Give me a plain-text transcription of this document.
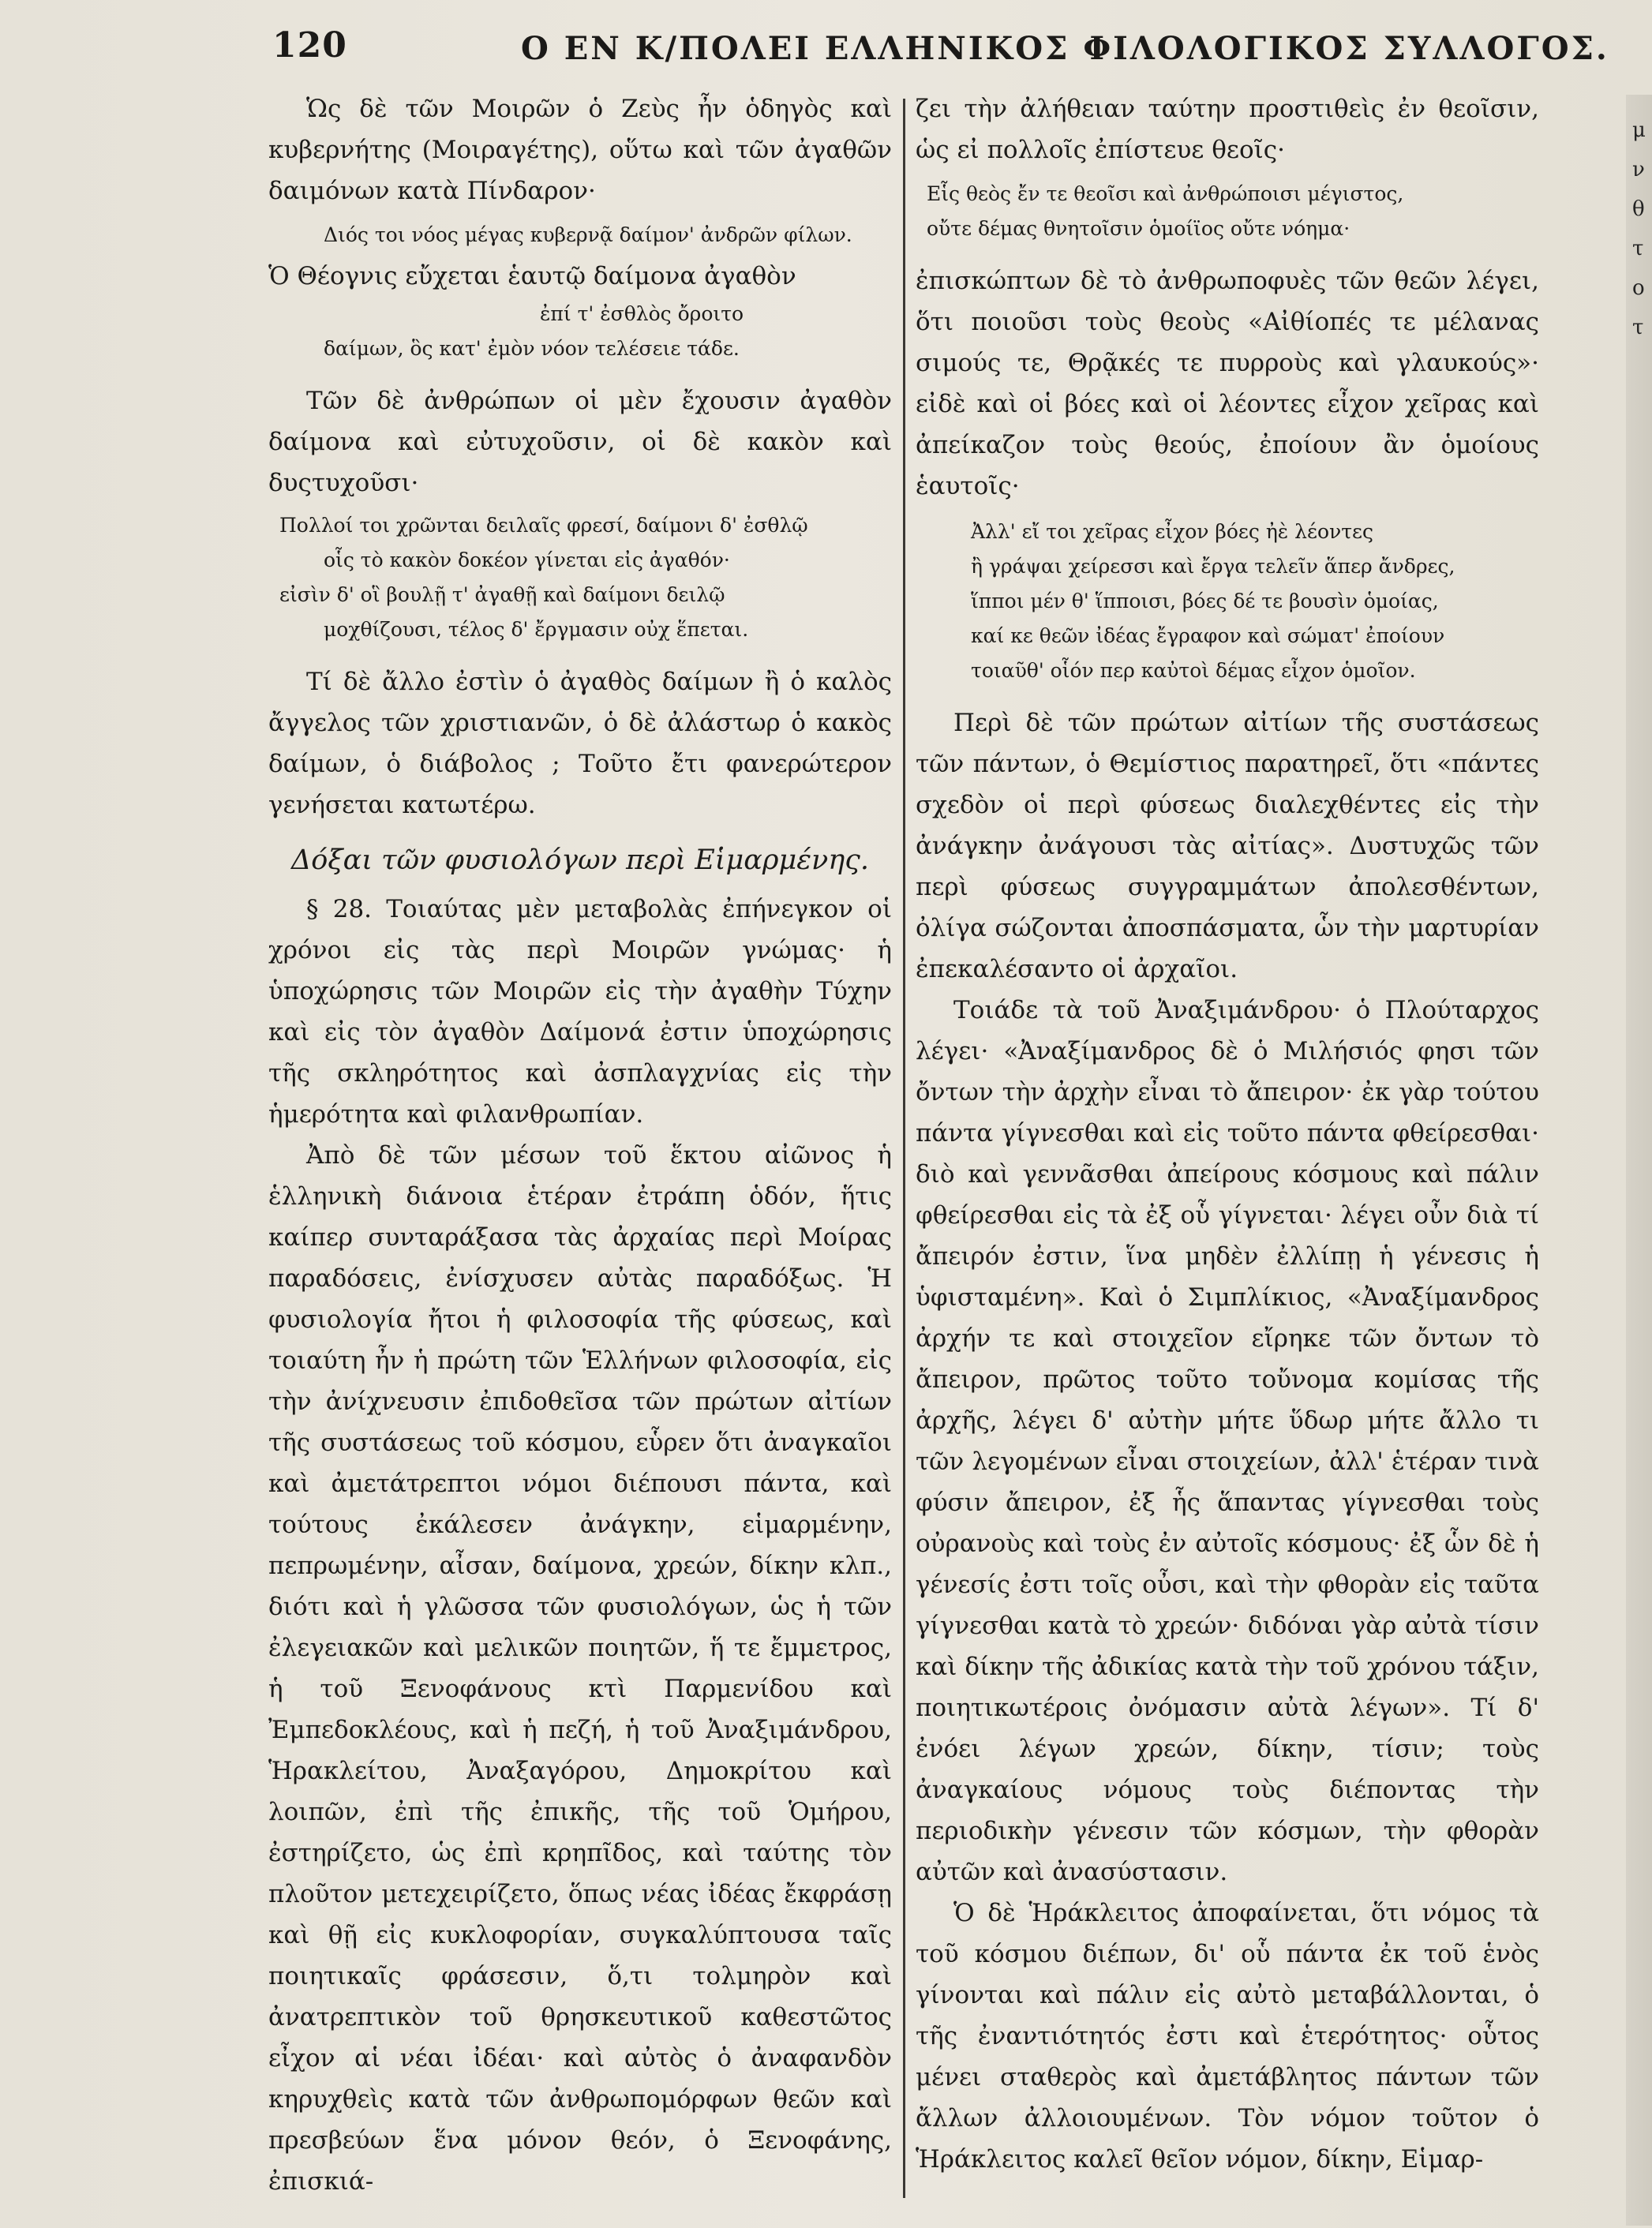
120	Ο ΕΝ Κ/ΠΟΛΕΙ ΕΛΛΗΝΙΚΟΣ ΦΙΛΟΛΟΓΙΚΟΣ ΣΥΛΛΟΓΟΣ.

Ὡς δὲ τῶν Μοιρῶν ὁ Ζεὺς ἦν ὁδηγὸς καὶ κυβερνήτης (Μοιραγέτης), οὕτω καὶ τῶν ἀγαθῶν δαιμόνων κατὰ Πίνδαρον·

Διός τοι νόος μέγας κυβερνᾷ δαίμον' ἀνδρῶν φίλων.

Ὁ Θέογνις εὔχεται ἑαυτῷ δαίμονα ἀγαθὸν

ἐπί τ' ἐσθλὸς ὄροιτο
δαίμων, ὃς κατ' ἐμὸν νόον τελέσειε τάδε.

Τῶν δὲ ἀνθρώπων οἱ μὲν ἔχουσιν ἀγαθὸν δαίμονα καὶ εὐτυχοῦσιν, οἱ δὲ κακὸν καὶ δυςτυχοῦσι·

Πολλοί τοι χρῶνται δειλαῖς φρεσί, δαίμονι δ' ἐσθλῷ
οἷς τὸ κακὸν δοκέον γίνεται εἰς ἀγαθόν·
εἰσὶν δ' οἳ βουλῇ τ' ἀγαθῇ καὶ δαίμονι δειλῷ
μοχθίζουσι, τέλος δ' ἔργμασιν οὐχ ἕπεται.

Τί δὲ ἄλλο ἐστὶν ὁ ἀγαθὸς δαίμων ἢ ὁ καλὸς ἄγγελος τῶν χριστιανῶν, ὁ δὲ ἀλάστωρ ὁ κακὸς δαίμων, ὁ διάβολος ; Τοῦτο ἔτι φανερώτερον γενήσεται κατωτέρω.

Δόξαι τῶν φυσιολόγων περὶ Εἱμαρμένης.

§ 28. Τοιαύτας μὲν μεταβολὰς ἐπήνεγκον οἱ χρόνοι εἰς τὰς περὶ Μοιρῶν γνώμας· ἡ ὑποχώρησις τῶν Μοιρῶν εἰς τὴν ἀγαθὴν Τύχην καὶ εἰς τὸν ἀγαθὸν Δαίμονά ἐστιν ὑποχώρησις τῆς σκληρότητος καὶ ἀσπλαγχνίας εἰς τὴν ἡμερότητα καὶ φιλανθρωπίαν.

Ἀπὸ δὲ τῶν μέσων τοῦ ἕκτου αἰῶνος ἡ ἑλληνικὴ διάνοια ἑτέραν ἐτράπη ὁδόν, ἥτις καίπερ συνταράξασα τὰς ἀρχαίας περὶ Μοίρας παραδόσεις, ἐνίσχυσεν αὐτὰς παραδόξως. Ἡ φυσιολογία ἤτοι ἡ φιλοσοφία τῆς φύσεως, καὶ τοιαύτη ἦν ἡ πρώτη τῶν Ἑλλήνων φιλοσοφία, εἰς τὴν ἀνίχνευσιν ἐπιδοθεῖσα τῶν πρώτων αἰτίων τῆς συστάσεως τοῦ κόσμου, εὗρεν ὅτι ἀναγκαῖοι καὶ ἀμετάτρεπτοι νόμοι διέπουσι πάντα, καὶ τούτους ἐκάλεσεν ἀνάγκην, εἱμαρμένην, πεπρωμένην, αἶσαν, δαίμονα, χρεών, δίκην κλπ., διότι καὶ ἡ γλῶσσα τῶν φυσιολόγων, ὡς ἡ τῶν ἐλεγειακῶν καὶ μελικῶν ποιητῶν, ἥ τε ἔμμετρος, ἡ τοῦ Ξενοφάνους κτὶ Παρμενίδου καὶ Ἐμπεδοκλέους, καὶ ἡ πεζή, ἡ τοῦ Ἀναξιμάνδρου, Ἡρακλείτου, Ἀναξαγόρου, Δημοκρίτου καὶ λοιπῶν, ἐπὶ τῆς ἐπικῆς, τῆς τοῦ Ὁμήρου, ἐστηρίζετο, ὡς ἐπὶ κρηπῖδος, καὶ ταύτης τὸν πλοῦτον μετεχειρίζετο, ὅπως νέας ἰδέας ἔκφράσῃ καὶ θῇ εἰς κυκλοφορίαν, συγκαλύπτουσα ταῖς ποιητικαῖς φράσεσιν, ὅ,τι τολμηρὸν καὶ ἀνατρεπτικὸν τοῦ θρησκευτικοῦ καθεστῶτος εἶχον αἱ νέαι ἰδέαι· καὶ αὐτὸς ὁ ἀναφανδὸν κηρυχθεὶς κατὰ τῶν ἀνθρωπομόρφων θεῶν καὶ πρεσβεύων ἕνα μόνον θεόν, ὁ Ξενοφάνης, ἐπισκιά-

ζει τὴν ἀλήθειαν ταύτην προστιθεὶς ἐν θεοῖσιν, ὡς εἰ πολλοῖς ἐπίστευε θεοῖς·

Εἷς θεὸς ἔν τε θεοῖσι καὶ ἀνθρώποισι μέγιστος,
οὔτε δέμας θνητοῖσιν ὁμοίϊος οὔτε νόημα·

ἐπισκώπτων δὲ τὸ ἀνθρωποφυὲς τῶν θεῶν λέγει, ὅτι ποιοῦσι τοὺς θεοὺς «Αἰθίοπές τε μέλανας σιμούς τε, Θρᾷκές τε πυρροὺς καὶ γλαυκούς»· εἰδὲ καὶ οἱ βόες καὶ οἱ λέοντες εἶχον χεῖρας καὶ ἀπείκαζον τοὺς θεούς, ἐποίουν ἂν ὁμοίους ἑαυτοῖς·

Ἀλλ' εἴ τοι χεῖρας εἶχον βόες ἠὲ λέοντες
ἢ γράψαι χείρεσσι καὶ ἔργα τελεῖν ἅπερ ἄνδρες,
ἵπποι μέν θ' ἵπποισι, βόες δέ τε βουσὶν ὁμοίας,
καί κε θεῶν ἰδέας ἔγραφον καὶ σώματ' ἐποίουν
τοιαῦθ' οἷόν περ καὐτοὶ δέμας εἶχον ὁμοῖον.

Περὶ δὲ τῶν πρώτων αἰτίων τῆς συστάσεως τῶν πάντων, ὁ Θεμίστιος παρατηρεῖ, ὅτι «πάντες σχεδὸν οἱ περὶ φύσεως διαλεχθέντες εἰς τὴν ἀνάγκην ἀνάγουσι τὰς αἰτίας». Δυστυχῶς τῶν περὶ φύσεως συγγραμμάτων ἀπολεσθέντων, ὀλίγα σώζονται ἀποσπάσματα, ὧν τὴν μαρτυρίαν ἐπεκαλέσαντο οἱ ἀρχαῖοι.

Τοιάδε τὰ τοῦ Ἀναξιμάνδρου· ὁ Πλούταρχος λέγει· «Ἀναξίμανδρος δὲ ὁ Μιλήσιός φησι τῶν ὄντων τὴν ἀρχὴν εἶναι τὸ ἄπειρον· ἐκ γὰρ τούτου πάντα γίγνεσθαι καὶ εἰς τοῦτο πάντα φθείρεσθαι· διὸ καὶ γεννᾶσθαι ἀπείρους κόσμους καὶ πάλιν φθείρεσθαι εἰς τὰ ἐξ οὗ γίγνεται· λέγει οὖν διὰ τί ἄπειρόν ἐστιν, ἵνα μηδὲν ἐλλίπῃ ἡ γένεσις ἡ ὑφισταμένη». Καὶ ὁ Σιμπλίκιος, «Ἀναξίμανδρος ἀρχήν τε καὶ στοιχεῖον εἴρηκε τῶν ὄντων τὸ ἄπειρον, πρῶτος τοῦτο τοὔνομα κομίσας τῆς ἀρχῆς, λέγει δ' αὐτὴν μήτε ὕδωρ μήτε ἄλλο τι τῶν λεγομένων εἶναι στοιχείων, ἀλλ' ἑτέραν τινὰ φύσιν ἄπειρον, ἐξ ἧς ἅπαντας γίγνεσθαι τοὺς οὐρανοὺς καὶ τοὺς ἐν αὐτοῖς κόσμους· ἐξ ὧν δὲ ἡ γένεσίς ἐστι τοῖς οὖσι, καὶ τὴν φθορὰν εἰς ταῦτα γίγνεσθαι κατὰ τὸ χρεών· διδόναι γὰρ αὐτὰ τίσιν καὶ δίκην τῆς ἀδικίας κατὰ τὴν τοῦ χρόνου τάξιν, ποιητικωτέροις ὀνόμασιν αὐτὰ λέγων». Τί δ' ἐνόει λέγων χρεών, δίκην, τίσιν; τοὺς ἀναγκαίους νόμους τοὺς διέποντας τὴν περιοδικὴν γένεσιν τῶν κόσμων, τὴν φθορὰν αὐτῶν καὶ ἀνασύστασιν.

Ὁ δὲ Ἡράκλειτος ἀποφαίνεται, ὅτι νόμος τὰ τοῦ κόσμου διέπων, δι' οὗ πάντα ἐκ τοῦ ἑνὸς γίνονται καὶ πάλιν εἰς αὐτὸ μεταβάλλονται, ὁ τῆς ἐναντιότητός ἐστι καὶ ἑτερότητος· οὗτος μένει σταθερὸς καὶ ἀμετάβλητος πάντων τῶν ἄλλων ἀλλοιουμένων. Τὸν νόμον τοῦτον ὁ Ἡράκλειτος καλεῖ θεῖον νόμον, δίκην, Εἱμαρ-

μ
ν
θ
τ
ο
τ
